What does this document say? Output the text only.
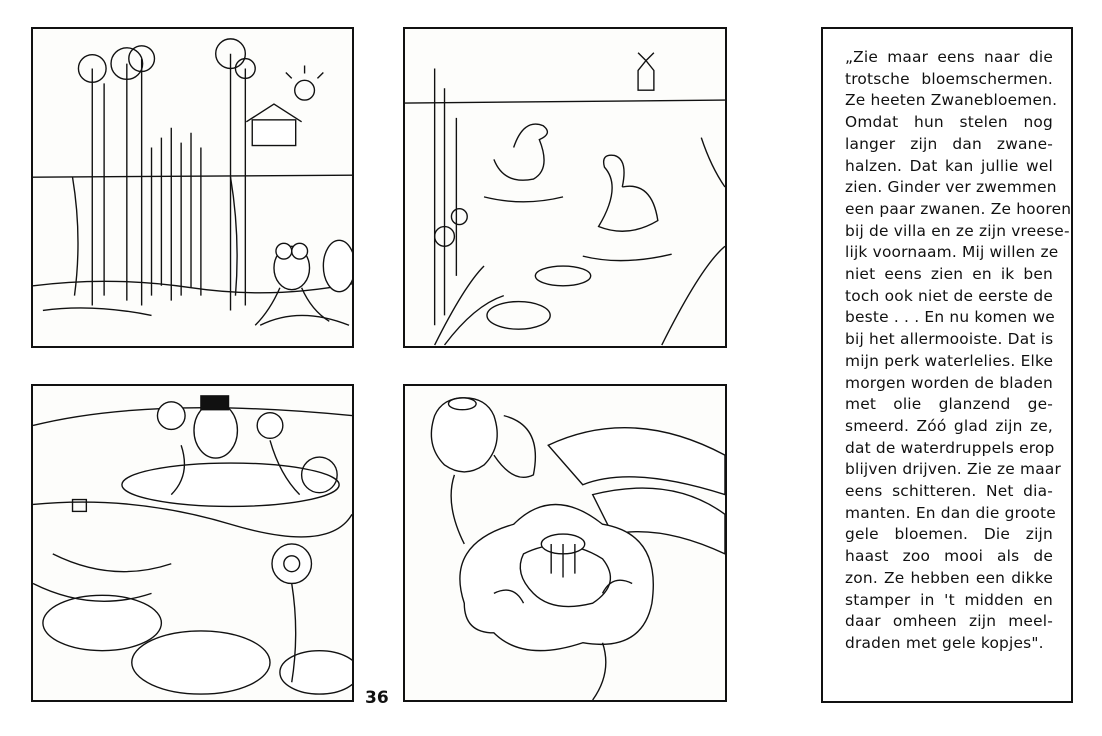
36

„Zie maar eens naar die
trotsche bloemschermen.
Ze heeten Zwanebloemen.
Omdat hun stelen nog
langer zijn dan zwane-
halzen. Dat kan jullie wel
zien. Ginder ver zwemmen
een paar zwanen. Ze hooren
bij de villa en ze zijn vreese-
lijk voornaam. Mij willen ze
niet eens zien en ik ben
toch ook niet de eerste de
beste . . . En nu komen we
bij het allermooiste. Dat is
mijn perk waterlelies. Elke
morgen worden de bladen
met olie glanzend ge-
smeerd. Zóó glad zijn ze,
dat de waterdruppels erop
blijven drijven. Zie ze maar
eens schitteren. Net dia-
manten. En dan die groote
gele bloemen. Die zijn
haast zoo mooi als de
zon. Ze hebben een dikke
stamper in 't midden en
daar omheen zijn meel-
draden met gele kopjes".
